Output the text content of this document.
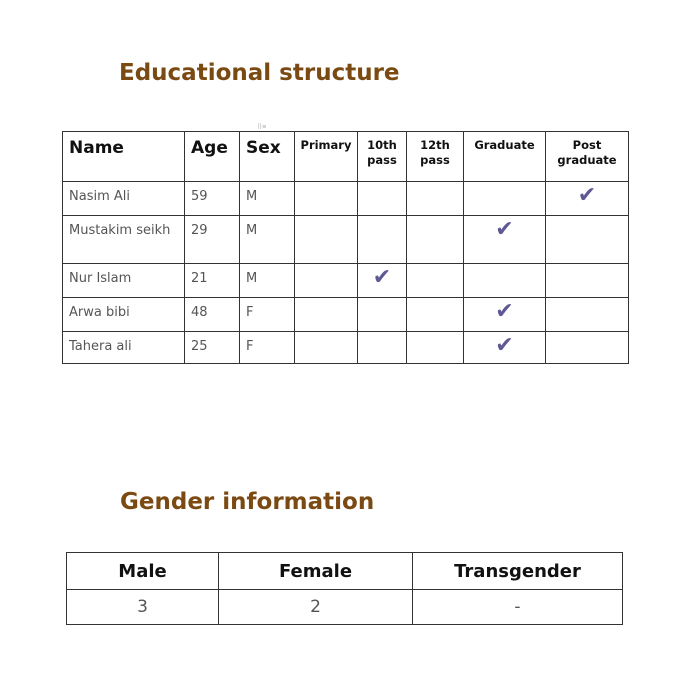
Educational structure
⠿ ≡
Name	Age	Sex	Primary	10th pass	12th pass	Graduate	Post graduate
Nasim Ali	59	M					✔
Mustakim seikh	29	M				✔	
Nur Islam	21	M		✔			
Arwa bibi	48	F				✔	
Tahera ali	25	F				✔	
Gender information
Male	Female	Transgender
3	2	-
